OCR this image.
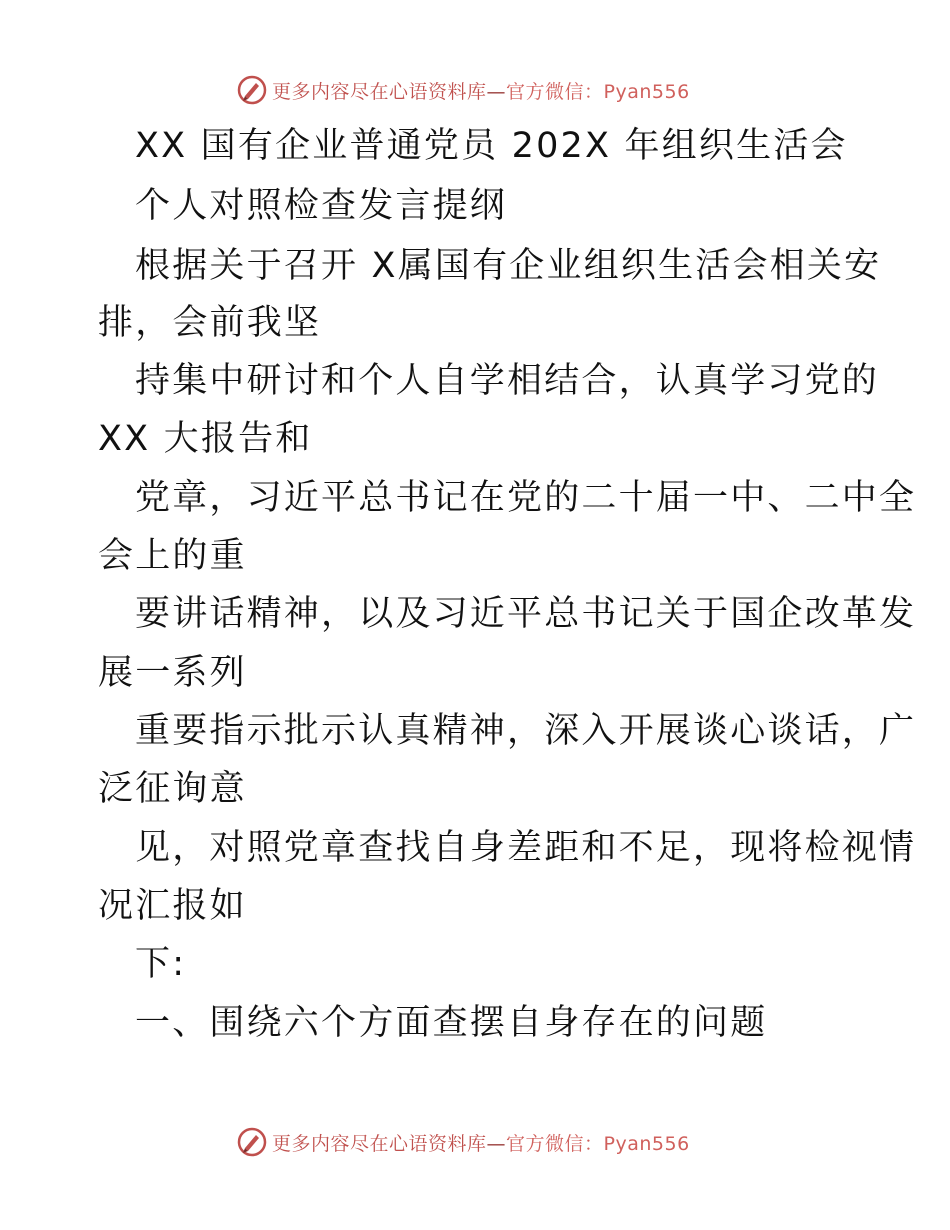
更多内容尽在心语资料库—官方微信：Pyan556
XX 国有企业普通党员 202X 年组织生活会
个人对照检查发言提纲
根据关于召开 X属国有企业组织生活会相关安
排，会前我坚
持集中研讨和个人自学相结合，认真学习党的
XX 大报告和
党章，习近平总书记在党的二十届一中、二中全
会上的重
要讲话精神，以及习近平总书记关于国企改革发
展一系列
重要指示批示认真精神，深入开展谈心谈话，广
泛征询意
见，对照党章查找自身差距和不足，现将检视情
况汇报如
下:
一、围绕六个方面查摆自身存在的问题
更多内容尽在心语资料库—官方微信：Pyan556
